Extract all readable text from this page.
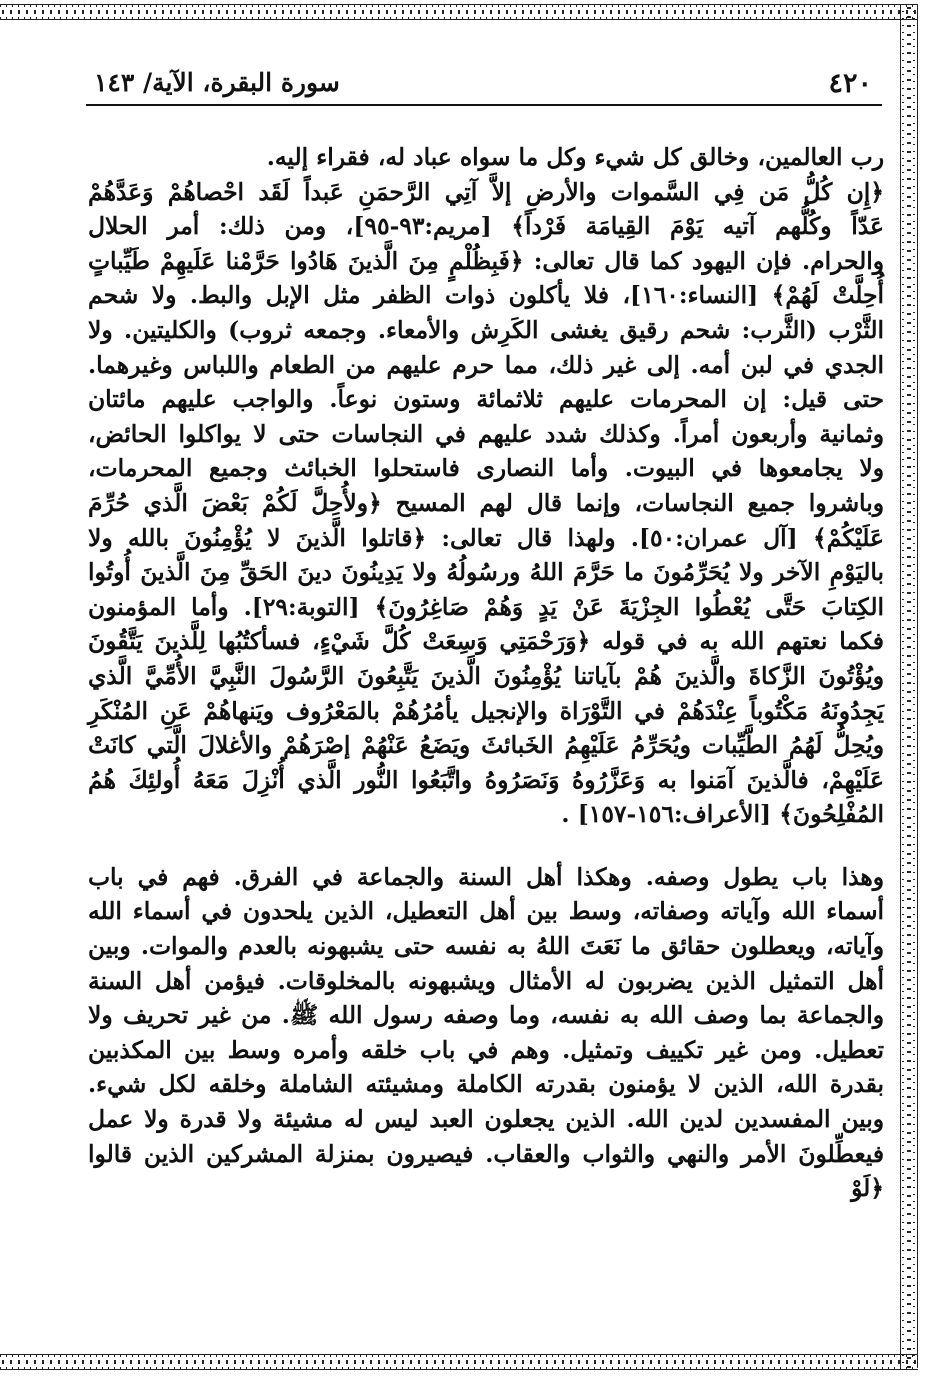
٤٢٠
سورة البقرة، الآية/ ١٤٣

رب العالمين، وخالق كل شيء وكل ما سواه عباد له، فقراء إليه.
﴿إِن كُلُّ مَن فِي السَّموات والأرضِ إلاَّ آتِي الرَّحمَنِ عَبداً لَقَد احْصاهُمْ وَعَدَّهُمْ
عَدّاً وكُلُّهم آتيه يَوْمَ القِيامَة فَرْداً﴾ [مريم:٩٣-٩٥]، ومن ذلك: أمر الحلال
والحرام. فإن اليهود كما قال تعالى: ﴿فَبِظُلْمٍ مِنَ الَّذينَ هَادُوا حَرَّمْنا عَلَيهِمْ طَيِّباتٍ
أُحِلَّتْ لَهُمْ﴾ [النساء:١٦٠]، فلا يأكلون ذوات الظفر مثل الإبل والبط. ولا شحم
الثَّرْب (الثَّرب: شحم رقيق يغشى الكَرِش والأمعاء. وجمعه ثروب) والكليتين. ولا
الجدي في لبن أمه. إلى غير ذلك، مما حرم عليهم من الطعام واللباس وغيرهما.
حتى قيل: إن المحرمات عليهم ثلاثمائة وستون نوعاً. والواجب عليهم مائتان
وثمانية وأربعون أمراً. وكذلك شدد عليهم في النجاسات حتى لا يواكلوا الحائض،
ولا يجامعوها في البيوت. وأما النصارى فاستحلوا الخبائث وجميع المحرمات،
وباشروا جميع النجاسات، وإنما قال لهم المسيح ﴿ولأُحِلَّ لَكُمْ بَعْضَ الَّذي حُرِّمَ
عَلَيْكُمْ﴾ [آل عمران:٥٠]. ولهذا قال تعالى: ﴿قاتلوا الَّذينَ لا يُؤْمِنُونَ بالله ولا
باليَوْمِ الآخر ولا يُحَرِّمُونَ ما حَرَّمَ اللهُ ورسُولُهُ ولا يَدِينُونَ دينَ الحَقِّ مِنَ الَّذينَ أُوتُوا
الكِتابَ حَتَّى يُعْطُوا الجِزْيَةَ عَنْ يَدٍ وَهُمْ صَاغِرُونَ﴾ [التوبة:٢٩]. وأما المؤمنون
فكما نعتهم الله به في قوله ﴿وَرَحْمَتِي وَسِعَتْ كُلَّ شَيْءٍ، فسأكتُبُها لِلَّذينَ يَتَّقُونَ
ويُؤْتُونَ الزَّكاةَ والَّذينَ هُمْ بآياتنا يُؤْمِنُونَ الَّذينَ يَتَّبِعُونَ الرَّسُولَ النَّبِيَّ الأُمِّيَّ الَّذي
يَجِدُونَهُ مَكْتُوباً عِنْدَهُمْ في التَّوْرَاة والإنجيل يأمُرُهُمْ بالمَعْرُوف ويَنهاهُمْ عَنِ المُنْكَرِ
ويُحِلُّ لَهُمُ الطَّيِّبات ويُحَرِّمُ عَلَيْهِمُ الخَبائثَ ويَضَعُ عَنْهُمْ إصْرَهُمْ والأغلالَ الَّتي كانَتْ
عَلَيْهِمْ، فالَّذينَ آمَنوا به وَعَزَّرُوهُ وَنَصَرُوهُ واتَّبَعُوا النُّور الَّذي أُنْزِلَ مَعَهُ أُولئِكَ هُمُ
المُفْلِحُونَ﴾ [الأعراف:١٥٦-١٥٧] .

وهذا باب يطول وصفه. وهكذا أهل السنة والجماعة في الفرق. فهم في باب
أسماء الله وآياته وصفاته، وسط بين أهل التعطيل، الذين يلحدون في أسماء الله
وآياته، ويعطلون حقائق ما نَعَتَ اللهُ به نفسه حتى يشبهونه بالعدم والموات. وبين
أهل التمثيل الذين يضربون له الأمثال ويشبهونه بالمخلوقات. فيؤمن أهل السنة
والجماعة بما وصف الله به نفسه، وما وصفه رسول الله ﷺ. من غير تحريف ولا
تعطيل. ومن غير تكييف وتمثيل. وهم في باب خلقه وأمره وسط بين المكذبين
بقدرة الله، الذين لا يؤمنون بقدرته الكاملة ومشيئته الشاملة وخلقه لكل شيء.
وبين المفسدين لدين الله. الذين يجعلون العبد ليس له مشيئة ولا قدرة ولا عمل
فيعطِّلونَ الأمر والنهي والثواب والعقاب. فيصيرون بمنزلة المشركين الذين قالوا ﴿لَوْ
